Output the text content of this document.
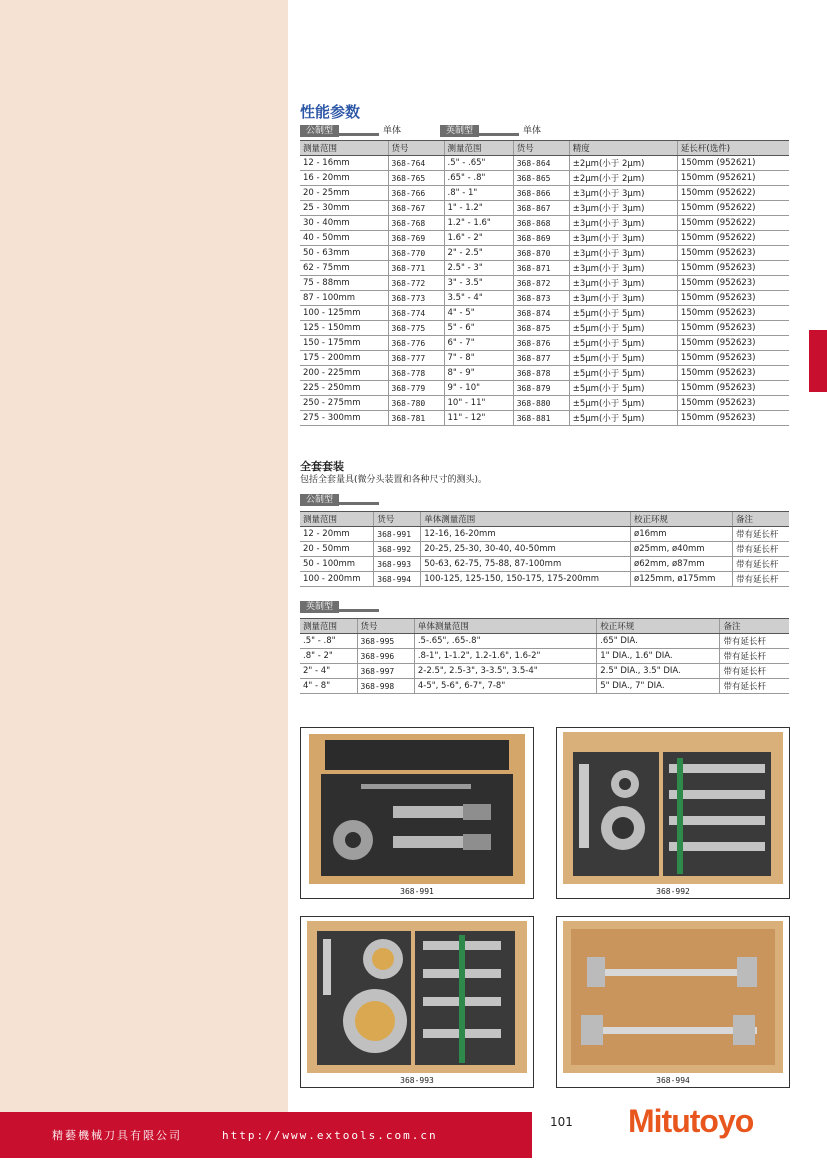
性能参数
公制型	单体	英制型	单体
测量范围	货号	测量范围	货号	精度	延长杆(选件)
12 - 16mm	368-764	.5" - .65"	368-864	±2μm(小于 2μm)	150mm (952621)
16 - 20mm	368-765	.65" - .8"	368-865	±2μm(小于 2μm)	150mm (952621)
20 - 25mm	368-766	.8" - 1"	368-866	±3μm(小于 3μm)	150mm (952622)
25 - 30mm	368-767	1" - 1.2"	368-867	±3μm(小于 3μm)	150mm (952622)
30 - 40mm	368-768	1.2" - 1.6"	368-868	±3μm(小于 3μm)	150mm (952622)
40 - 50mm	368-769	1.6" - 2"	368-869	±3μm(小于 3μm)	150mm (952622)
50 - 63mm	368-770	2" - 2.5"	368-870	±3μm(小于 3μm)	150mm (952623)
62 - 75mm	368-771	2.5" - 3"	368-871	±3μm(小于 3μm)	150mm (952623)
75 - 88mm	368-772	3" - 3.5"	368-872	±3μm(小于 3μm)	150mm (952623)
87 - 100mm	368-773	3.5" - 4"	368-873	±3μm(小于 3μm)	150mm (952623)
100 - 125mm	368-774	4" - 5"	368-874	±5μm(小于 5μm)	150mm (952623)
125 - 150mm	368-775	5" - 6"	368-875	±5μm(小于 5μm)	150mm (952623)
150 - 175mm	368-776	6" - 7"	368-876	±5μm(小于 5μm)	150mm (952623)
175 - 200mm	368-777	7" - 8"	368-877	±5μm(小于 5μm)	150mm (952623)
200 - 225mm	368-778	8" - 9"	368-878	±5μm(小于 5μm)	150mm (952623)
225 - 250mm	368-779	9" - 10"	368-879	±5μm(小于 5μm)	150mm (952623)
250 - 275mm	368-780	10" - 11"	368-880	±5μm(小于 5μm)	150mm (952623)
275 - 300mm	368-781	11" - 12"	368-881	±5μm(小于 5μm)	150mm (952623)
全套套装
包括全套量具(微分头装置和各种尺寸的测头)。
公制型
测量范围	货号	单体测量范围	校正环规	备注
12 - 20mm	368-991	12-16, 16-20mm	ø16mm	带有延长杆
20 - 50mm	368-992	20-25, 25-30, 30-40, 40-50mm	ø25mm, ø40mm	带有延长杆
50 - 100mm	368-993	50-63, 62-75, 75-88, 87-100mm	ø62mm, ø87mm	带有延长杆
100 - 200mm	368-994	100-125, 125-150, 150-175, 175-200mm	ø125mm, ø175mm	带有延长杆
英制型
测量范围	货号	单体测量范围	校正环规	备注
.5" - .8"	368-995	.5-.65", .65-.8"	.65" DIA.	带有延长杆
.8" - 2"	368-996	.8-1", 1-1.2", 1.2-1.6", 1.6-2"	1" DIA., 1.6" DIA.	带有延长杆
2" - 4"	368-997	2-2.5", 2.5-3", 3-3.5", 3.5-4"	2.5" DIA., 3.5" DIA.	带有延长杆
4" - 8"	368-998	4-5", 5-6", 6-7", 7-8"	5" DIA., 7" DIA.	带有延长杆
368-991	368-992
368-993	368-994
精藝機械刀具有限公司	http://www.extools.com.cn
101 Mitutoyo
